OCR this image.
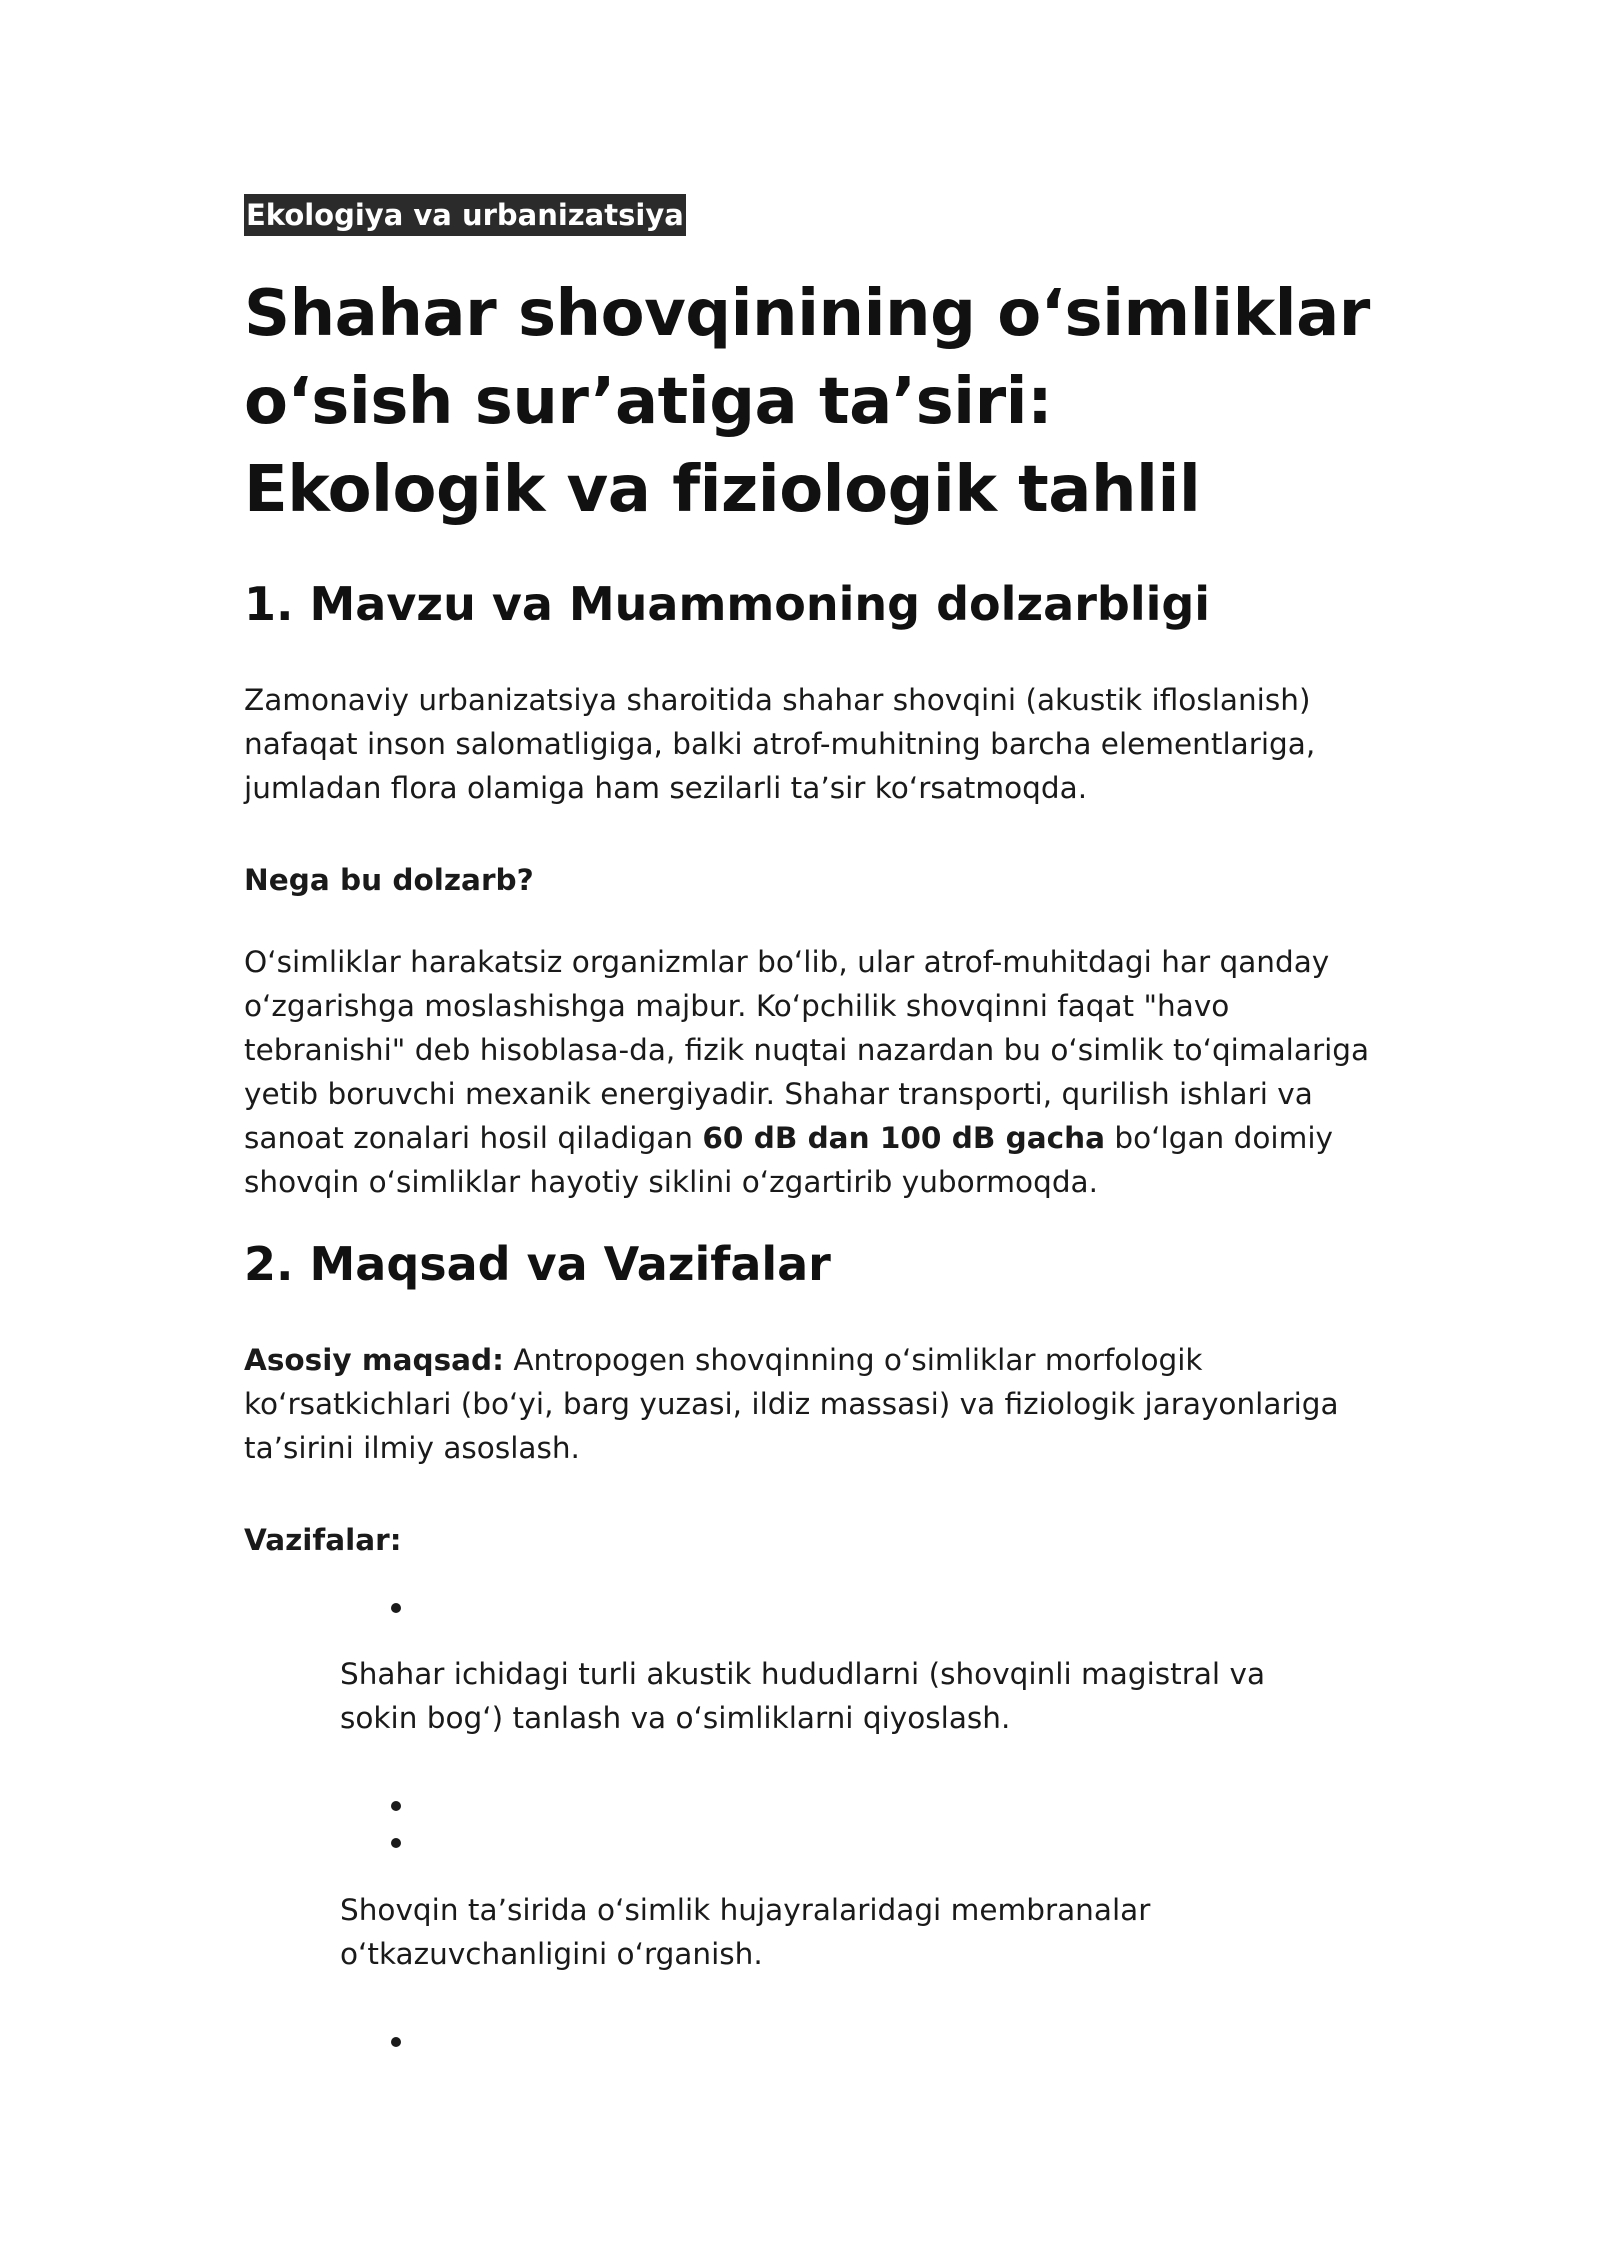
Ekologiya va urbanizatsiya
Shahar shovqinining o‘simliklar o‘sish sur’atiga ta’siri: Ekologik va fiziologik tahlil
1. Mavzu va Muammoning dolzarbligi

Zamonaviy urbanizatsiya sharoitida shahar shovqini (akustik ifloslanish) nafaqat inson salomatligiga, balki atrof-muhitning barcha elementlariga, jumladan flora olamiga ham sezilarli ta’sir ko‘rsatmoqda.

Nega bu dolzarb?

O‘simliklar harakatsiz organizmlar bo‘lib, ular atrof-muhitdagi har qanday o‘zgarishga moslashishga majbur. Ko‘pchilik shovqinni faqat "havo tebranishi" deb hisoblasa-da, fizik nuqtai nazardan bu o‘simlik to‘qimalariga yetib boruvchi mexanik energiyadir. Shahar transporti, qurilish ishlari va sanoat zonalari hosil qiladigan 60 dB dan 100 dB gacha bo‘lgan doimiy shovqin o‘simliklar hayotiy siklini o‘zgartirib yubormoqda.

2. Maqsad va Vazifalar

Asosiy maqsad: Antropogen shovqinning o‘simliklar morfologik ko‘rsatkichlari (bo‘yi, barg yuzasi, ildiz massasi) va fiziologik jarayonlariga ta’sirini ilmiy asoslash.

Vazifalar:

Shahar ichidagi turli akustik hududlarni (shovqinli magistral va sokin bog‘) tanlash va o‘simliklarni qiyoslash.

Shovqin ta’sirida o‘simlik hujayralaridagi membranalar o‘tkazuvchanligini o‘rganish.
